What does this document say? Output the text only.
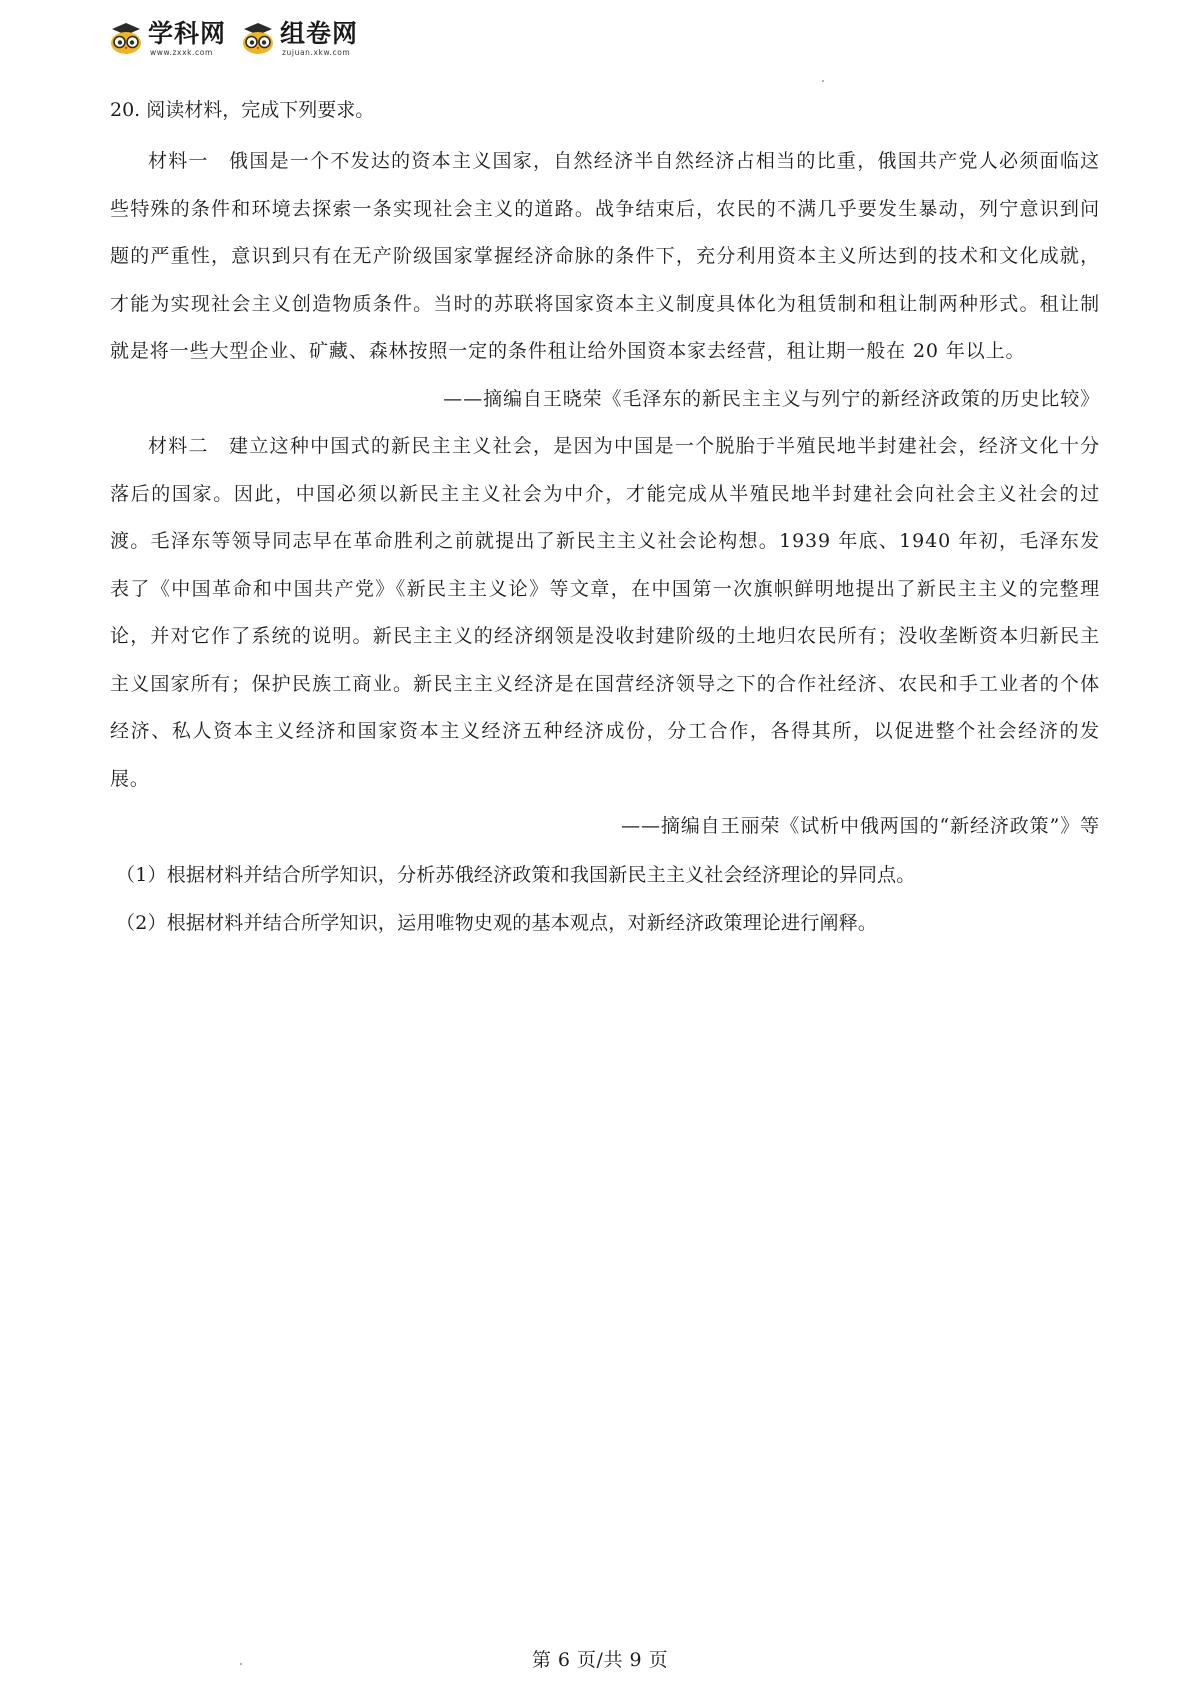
学科网
www.zxxk.com
组卷网
zujuan.xkw.com

20. 阅读材料，完成下列要求。

材料一　俄国是一个不发达的资本主义国家，自然经济半自然经济占相当的比重，俄国共产党人必须面临这些特殊的条件和环境去探索一条实现社会主义的道路。战争结束后，农民的不满几乎要发生暴动，列宁意识到问题的严重性，意识到只有在无产阶级国家掌握经济命脉的条件下，充分利用资本主义所达到的技术和文化成就，才能为实现社会主义创造物质条件。当时的苏联将国家资本主义制度具体化为租赁制和租让制两种形式。租让制就是将一些大型企业、矿藏、森林按照一定的条件租让给外国资本家去经营，租让期一般在 20 年以上。

——摘编自王晓荣《毛泽东的新民主主义与列宁的新经济政策的历史比较》

材料二　建立这种中国式的新民主主义社会，是因为中国是一个脱胎于半殖民地半封建社会，经济文化十分落后的国家。因此，中国必须以新民主主义社会为中介，才能完成从半殖民地半封建社会向社会主义社会的过渡。毛泽东等领导同志早在革命胜利之前就提出了新民主主义社会论构想。1939 年底、1940 年初，毛泽东发表了《中国革命和中国共产党》《新民主主义论》等文章，在中国第一次旗帜鲜明地提出了新民主主义的完整理论，并对它作了系统的说明。新民主主义的经济纲领是没收封建阶级的土地归农民所有；没收垄断资本归新民主主义国家所有；保护民族工商业。新民主主义经济是在国营经济领导之下的合作社经济、农民和手工业者的个体经济、私人资本主义经济和国家资本主义经济五种经济成份，分工合作，各得其所，以促进整个社会经济的发展。

——摘编自王丽荣《试析中俄两国的“新经济政策”》等

（1）根据材料并结合所学知识，分析苏俄经济政策和我国新民主主义社会经济理论的异同点。

（2）根据材料并结合所学知识，运用唯物史观的基本观点，对新经济政策理论进行阐释。

第 6 页/共 9 页
